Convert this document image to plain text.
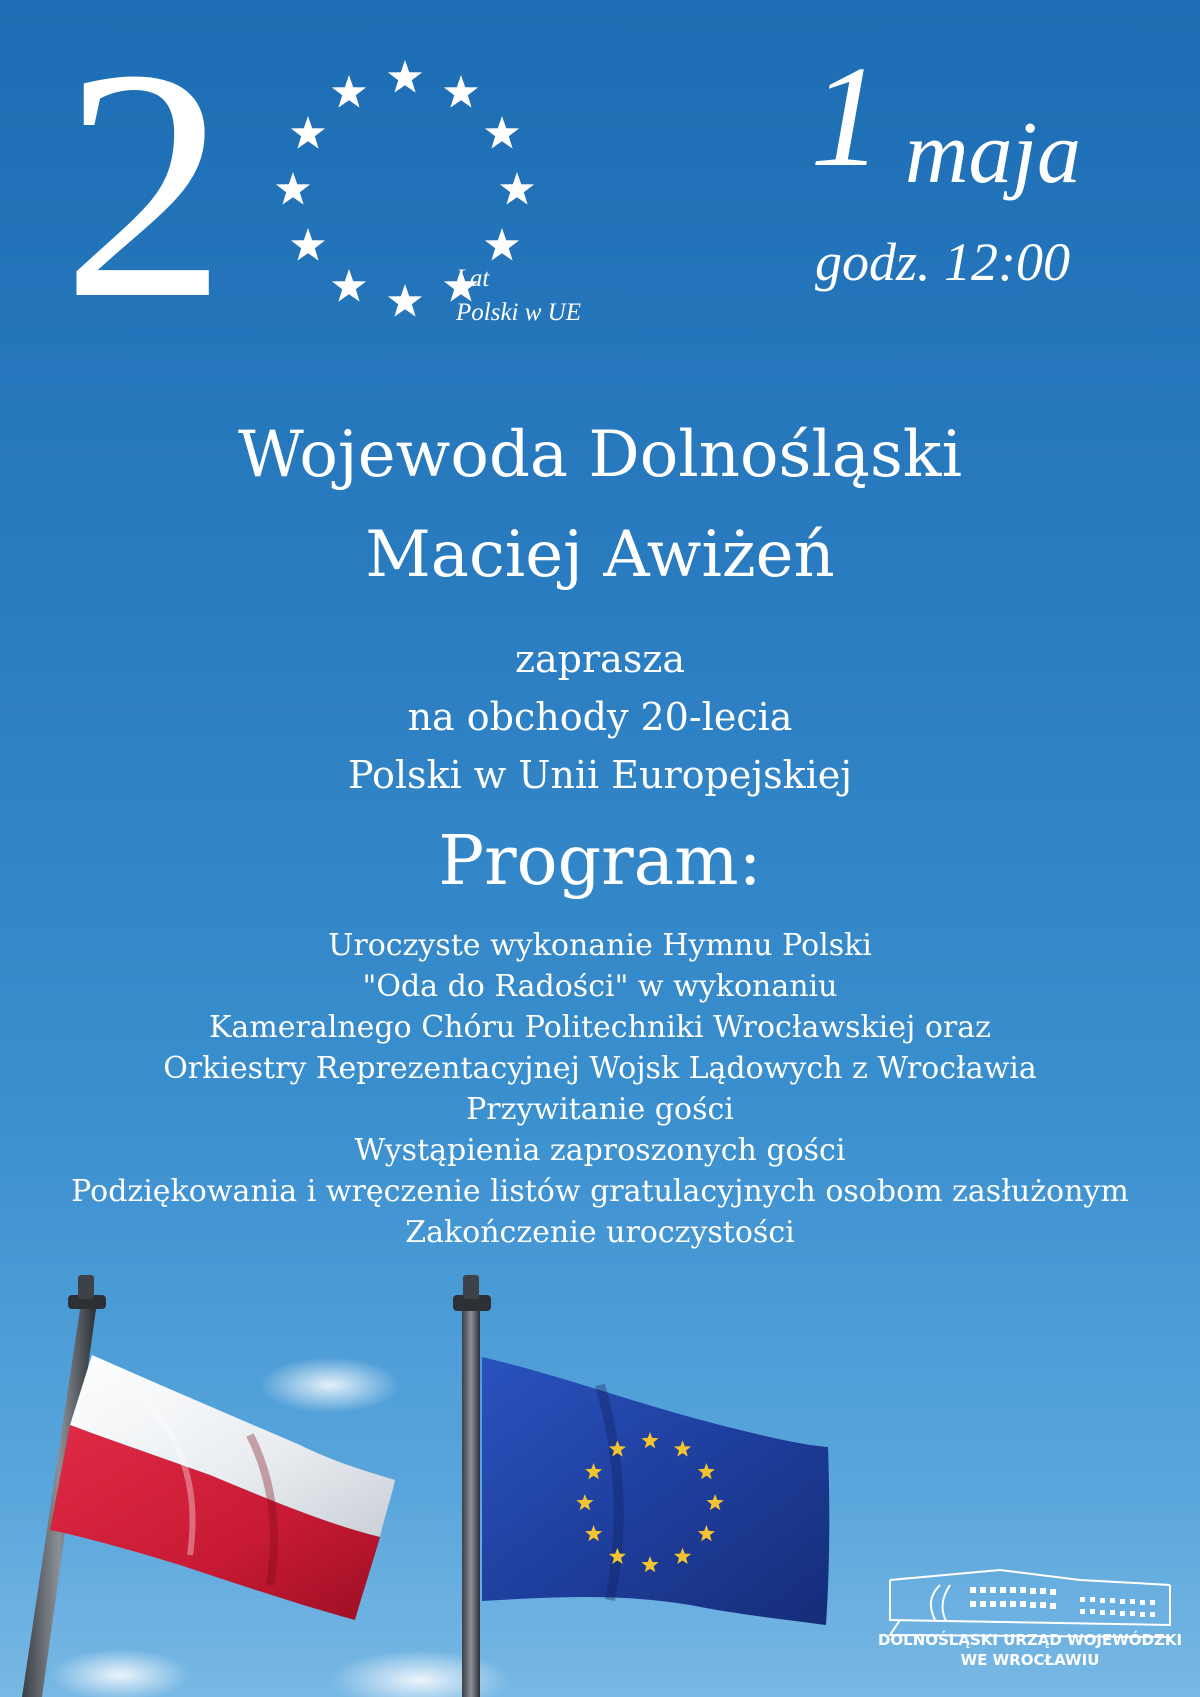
2	Lat
Polski w UE
1 maja
godz. 12:00
Wojewoda Dolnośląski
Maciej Awiżeń
zaprasza
na obchody 20-lecia
Polski w Unii Europejskiej
Program:
Uroczyste wykonanie Hymnu Polski
"Oda do Radości" w wykonaniu
Kameralnego Chóru Politechniki Wrocławskiej oraz
Orkiestry Reprezentacyjnej Wojsk Lądowych z Wrocławia
Przywitanie gości
Wystąpienia zaproszonych gości
Podziękowania i wręczenie listów gratulacyjnych osobom zasłużonym
Zakończenie uroczystości
DOLNOŚLĄSKI URZĄD WOJEWÓDZKI
WE WROCŁAWIU
